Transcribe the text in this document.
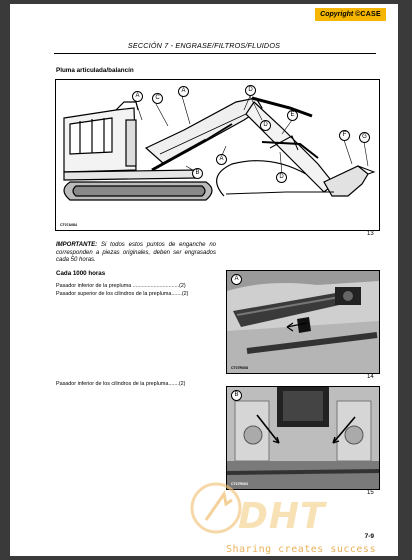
Copyright ©CASE
SECCIÓN 7 - ENGRASE/FILTROS/FLUIDOS
Pluma articulada/balancín
A	C
A	D
E
F	G
B
A
D
D
CT07A084
13
IMPORTANTE: Si todos estos puntos de enganche no corresponden a piezas originales, deben ser engrasados cada 50 horas.
Cada 1000 horas
Pasador inferior de la prepluma ...............................(2)
Pasador superior de los cilindros de la prepluma.......(2)
A
CT07R008
14
Pasador inferior de los cilindros de la prepluma.......(2)
B
CT07R003
15
7-9
DHT
Sharing creates success
